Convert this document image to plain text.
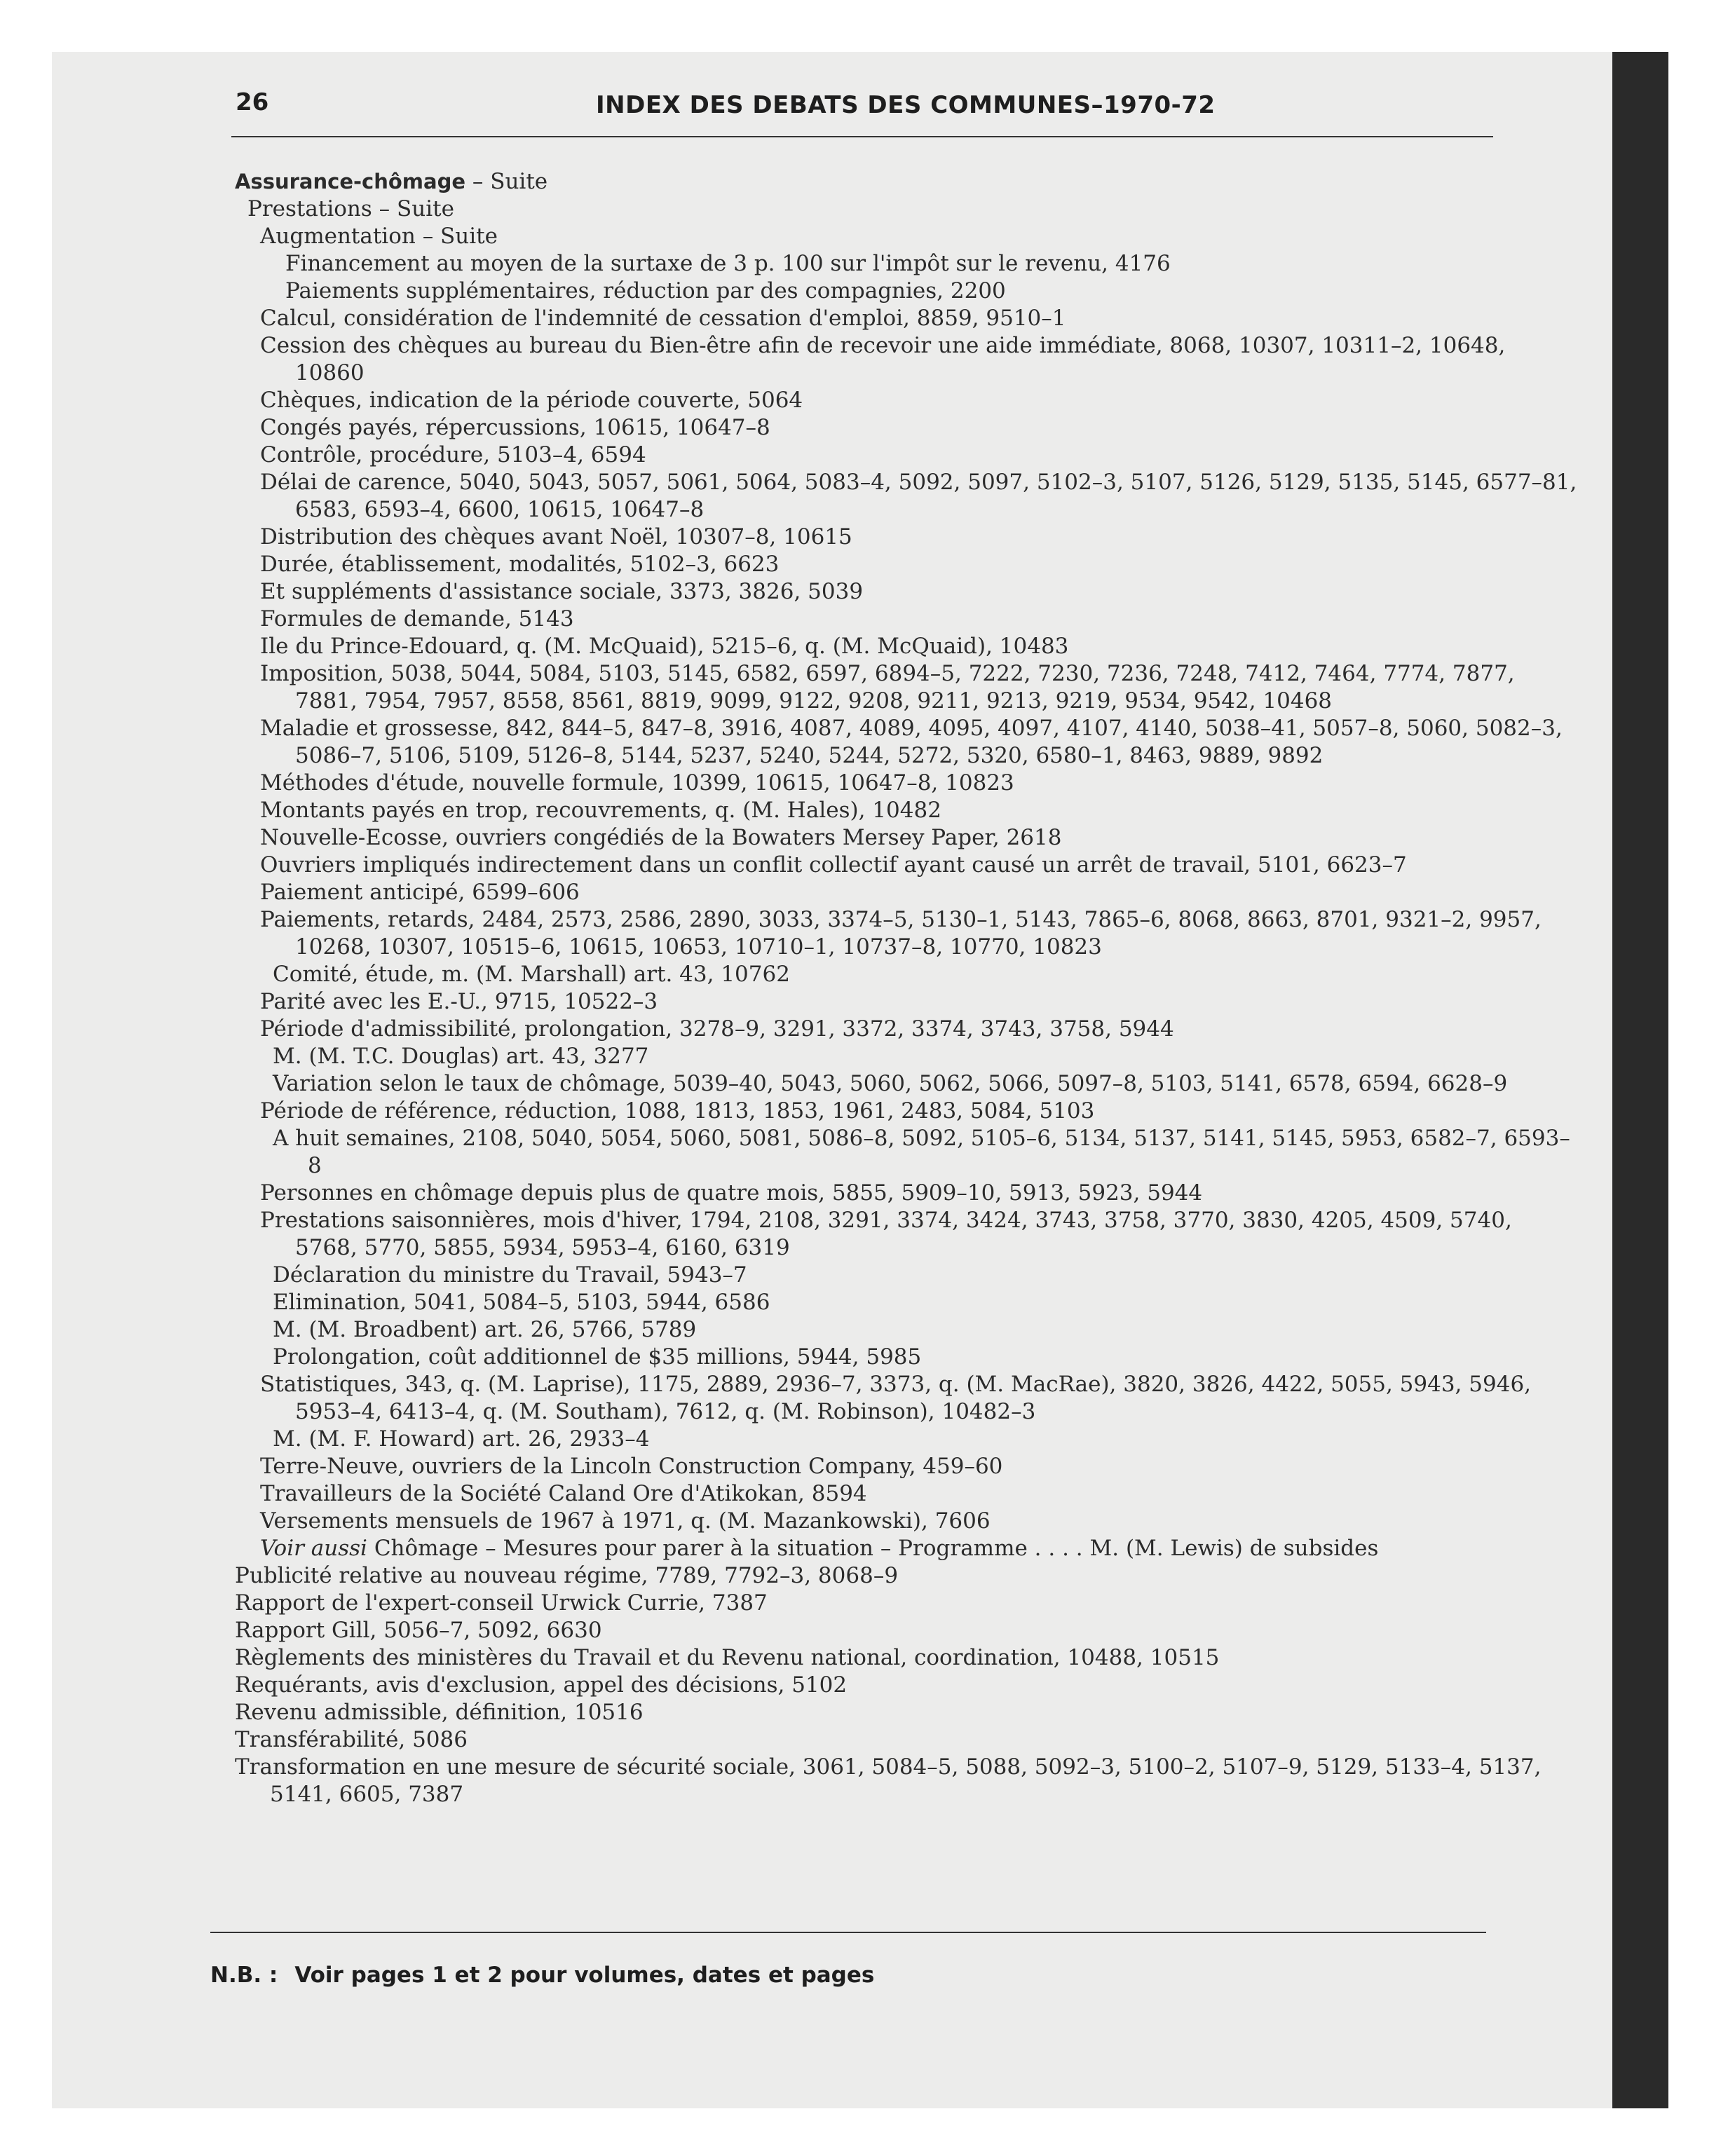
26	INDEX DES DEBATS DES COMMUNES–1970-72
Assurance-chômage – Suite
Prestations – Suite
Augmentation – Suite
Financement au moyen de la surtaxe de 3 p. 100 sur l'impôt sur le revenu, 4176
Paiements supplémentaires, réduction par des compagnies, 2200
Calcul, considération de l'indemnité de cessation d'emploi, 8859, 9510–1
Cession des chèques au bureau du Bien-être afin de recevoir une aide immédiate, 8068, 10307, 10311–2, 10648, 10860
Chèques, indication de la période couverte, 5064
Congés payés, répercussions, 10615, 10647–8
Contrôle, procédure, 5103–4, 6594
Délai de carence, 5040, 5043, 5057, 5061, 5064, 5083–4, 5092, 5097, 5102–3, 5107, 5126, 5129, 5135, 5145, 6577–81, 6583, 6593–4, 6600, 10615, 10647–8
Distribution des chèques avant Noël, 10307–8, 10615
Durée, établissement, modalités, 5102–3, 6623
Et suppléments d'assistance sociale, 3373, 3826, 5039
Formules de demande, 5143
Ile du Prince-Edouard, q. (M. McQuaid), 5215–6, q. (M. McQuaid), 10483
Imposition, 5038, 5044, 5084, 5103, 5145, 6582, 6597, 6894–5, 7222, 7230, 7236, 7248, 7412, 7464, 7774, 7877, 7881, 7954, 7957, 8558, 8561, 8819, 9099, 9122, 9208, 9211, 9213, 9219, 9534, 9542, 10468
Maladie et grossesse, 842, 844–5, 847–8, 3916, 4087, 4089, 4095, 4097, 4107, 4140, 5038–41, 5057–8, 5060, 5082–3, 5086–7, 5106, 5109, 5126–8, 5144, 5237, 5240, 5244, 5272, 5320, 6580–1, 8463, 9889, 9892
Méthodes d'étude, nouvelle formule, 10399, 10615, 10647–8, 10823
Montants payés en trop, recouvrements, q. (M. Hales), 10482
Nouvelle-Ecosse, ouvriers congédiés de la Bowaters Mersey Paper, 2618
Ouvriers impliqués indirectement dans un conflit collectif ayant causé un arrêt de travail, 5101, 6623–7
Paiement anticipé, 6599–606
Paiements, retards, 2484, 2573, 2586, 2890, 3033, 3374–5, 5130–1, 5143, 7865–6, 8068, 8663, 8701, 9321–2, 9957, 10268, 10307, 10515–6, 10615, 10653, 10710–1, 10737–8, 10770, 10823
Comité, étude, m. (M. Marshall) art. 43, 10762
Parité avec les E.-U., 9715, 10522–3
Période d'admissibilité, prolongation, 3278–9, 3291, 3372, 3374, 3743, 3758, 5944
M. (M. T.C. Douglas) art. 43, 3277
Variation selon le taux de chômage, 5039–40, 5043, 5060, 5062, 5066, 5097–8, 5103, 5141, 6578, 6594, 6628–9
Période de référence, réduction, 1088, 1813, 1853, 1961, 2483, 5084, 5103
A huit semaines, 2108, 5040, 5054, 5060, 5081, 5086–8, 5092, 5105–6, 5134, 5137, 5141, 5145, 5953, 6582–7, 6593–8
Personnes en chômage depuis plus de quatre mois, 5855, 5909–10, 5913, 5923, 5944
Prestations saisonnières, mois d'hiver, 1794, 2108, 3291, 3374, 3424, 3743, 3758, 3770, 3830, 4205, 4509, 5740, 5768, 5770, 5855, 5934, 5953–4, 6160, 6319
Déclaration du ministre du Travail, 5943–7
Elimination, 5041, 5084–5, 5103, 5944, 6586
M. (M. Broadbent) art. 26, 5766, 5789
Prolongation, coût additionnel de $35 millions, 5944, 5985
Statistiques, 343, q. (M. Laprise), 1175, 2889, 2936–7, 3373, q. (M. MacRae), 3820, 3826, 4422, 5055, 5943, 5946, 5953–4, 6413–4, q. (M. Southam), 7612, q. (M. Robinson), 10482–3
M. (M. F. Howard) art. 26, 2933–4
Terre-Neuve, ouvriers de la Lincoln Construction Company, 459–60
Travailleurs de la Société Caland Ore d'Atikokan, 8594
Versements mensuels de 1967 à 1971, q. (M. Mazankowski), 7606
Voir aussi Chômage – Mesures pour parer à la situation – Programme . . . . M. (M. Lewis) de subsides
Publicité relative au nouveau régime, 7789, 7792–3, 8068–9
Rapport de l'expert-conseil Urwick Currie, 7387
Rapport Gill, 5056–7, 5092, 6630
Règlements des ministères du Travail et du Revenu national, coordination, 10488, 10515
Requérants, avis d'exclusion, appel des décisions, 5102
Revenu admissible, définition, 10516
Transférabilité, 5086
Transformation en une mesure de sécurité sociale, 3061, 5084–5, 5088, 5092–3, 5100–2, 5107–9, 5129, 5133–4, 5137, 5141, 6605, 7387
N.B. : Voir pages 1 et 2 pour volumes, dates et pages
